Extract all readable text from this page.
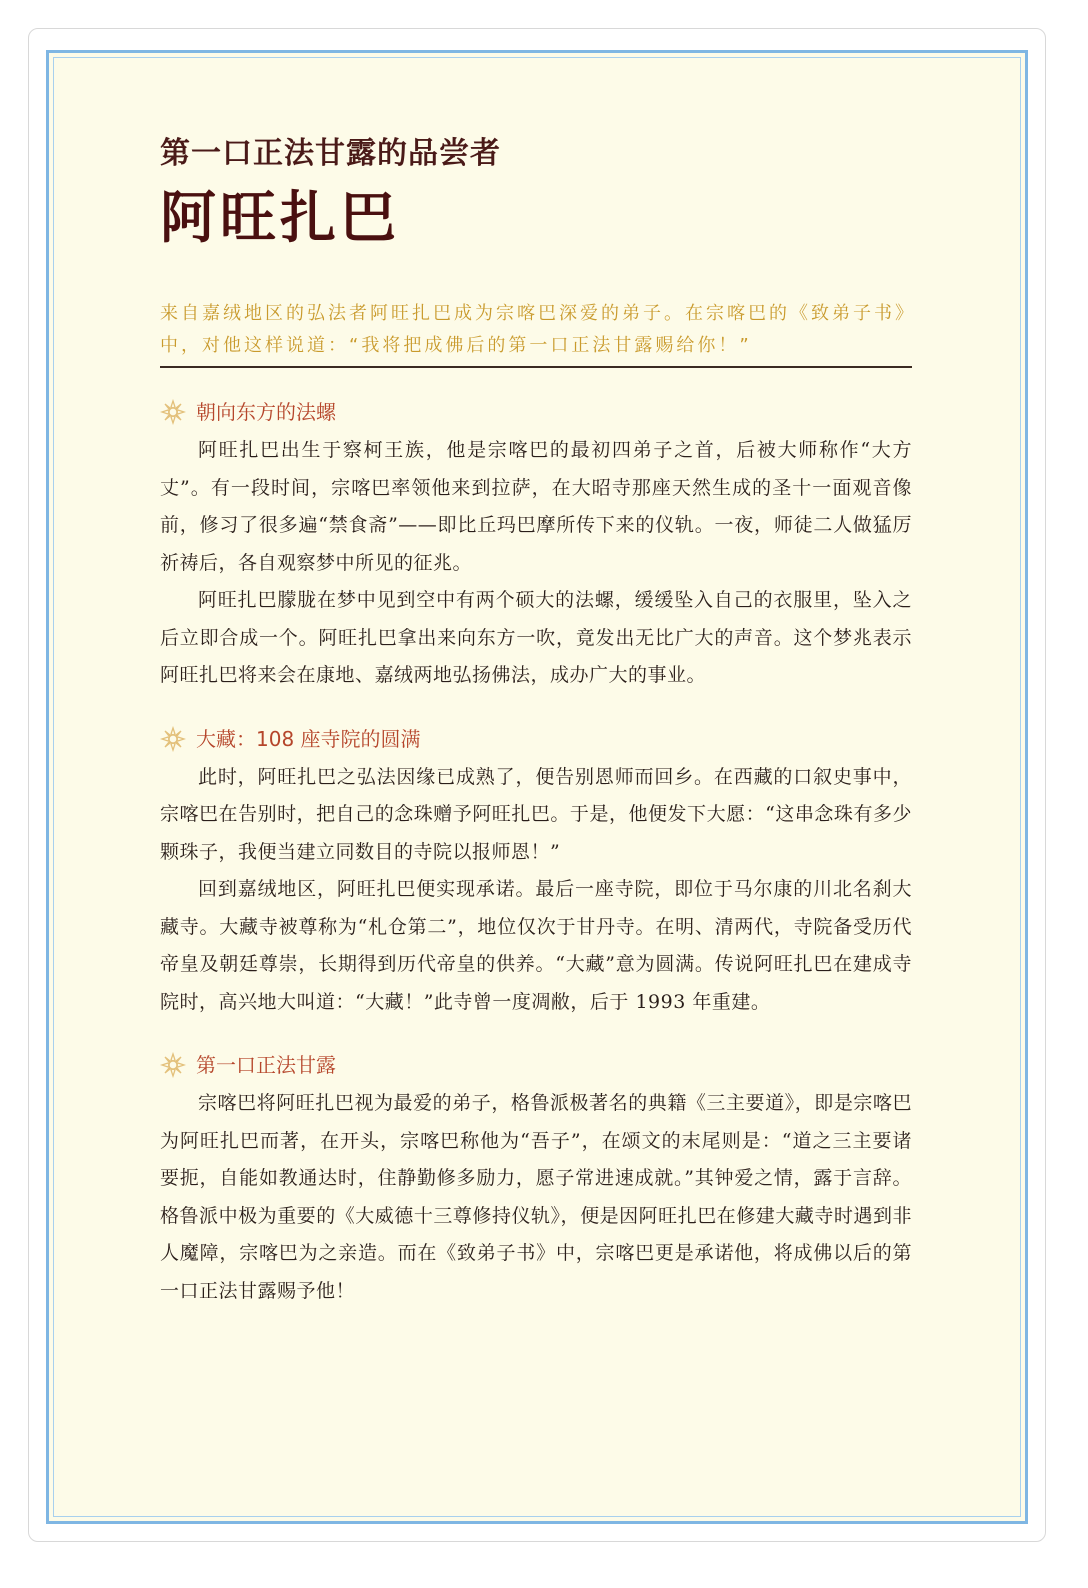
第一口正法甘露的品尝者
阿旺扎巴
来自嘉绒地区的弘法者阿旺扎巴成为宗喀巴深爱的弟子。在宗喀巴的《致弟子书》中，对他这样说道：“我将把成佛后的第一口正法甘露赐给你！”
朝向东方的法螺

阿旺扎巴出生于察柯王族，他是宗喀巴的最初四弟子之首，后被大师称作“大方丈”。有一段时间，宗喀巴率领他来到拉萨，在大昭寺那座天然生成的圣十一面观音像前，修习了很多遍“禁食斋”——即比丘玛巴摩所传下来的仪轨。一夜，师徒二人做猛厉祈祷后，各自观察梦中所见的征兆。

阿旺扎巴朦胧在梦中见到空中有两个硕大的法螺，缓缓坠入自己的衣服里，坠入之后立即合成一个。阿旺扎巴拿出来向东方一吹，竟发出无比广大的声音。这个梦兆表示阿旺扎巴将来会在康地、嘉绒两地弘扬佛法，成办广大的事业。

大藏：108 座寺院的圆满

此时，阿旺扎巴之弘法因缘已成熟了，便告别恩师而回乡。在西藏的口叙史事中，宗喀巴在告别时，把自己的念珠赠予阿旺扎巴。于是，他便发下大愿：“这串念珠有多少颗珠子，我便当建立同数目的寺院以报师恩！”

回到嘉绒地区，阿旺扎巴便实现承诺。最后一座寺院，即位于马尔康的川北名刹大藏寺。大藏寺被尊称为“札仓第二”，地位仅次于甘丹寺。在明、清两代，寺院备受历代帝皇及朝廷尊崇，长期得到历代帝皇的供养。“大藏”意为圆满。传说阿旺扎巴在建成寺院时，高兴地大叫道：“大藏！”此寺曾一度凋敝，后于 1993 年重建。

第一口正法甘露

宗喀巴将阿旺扎巴视为最爱的弟子，格鲁派极著名的典籍《三主要道》，即是宗喀巴为阿旺扎巴而著，在开头，宗喀巴称他为“吾子”，在颂文的末尾则是：“道之三主要诸要扼，自能如教通达时，住静勤修多励力，愿子常进速成就。”其钟爱之情，露于言辞。格鲁派中极为重要的《大威德十三尊修持仪轨》，便是因阿旺扎巴在修建大藏寺时遇到非人魔障，宗喀巴为之亲造。而在《致弟子书》中，宗喀巴更是承诺他，将成佛以后的第一口正法甘露赐予他！
